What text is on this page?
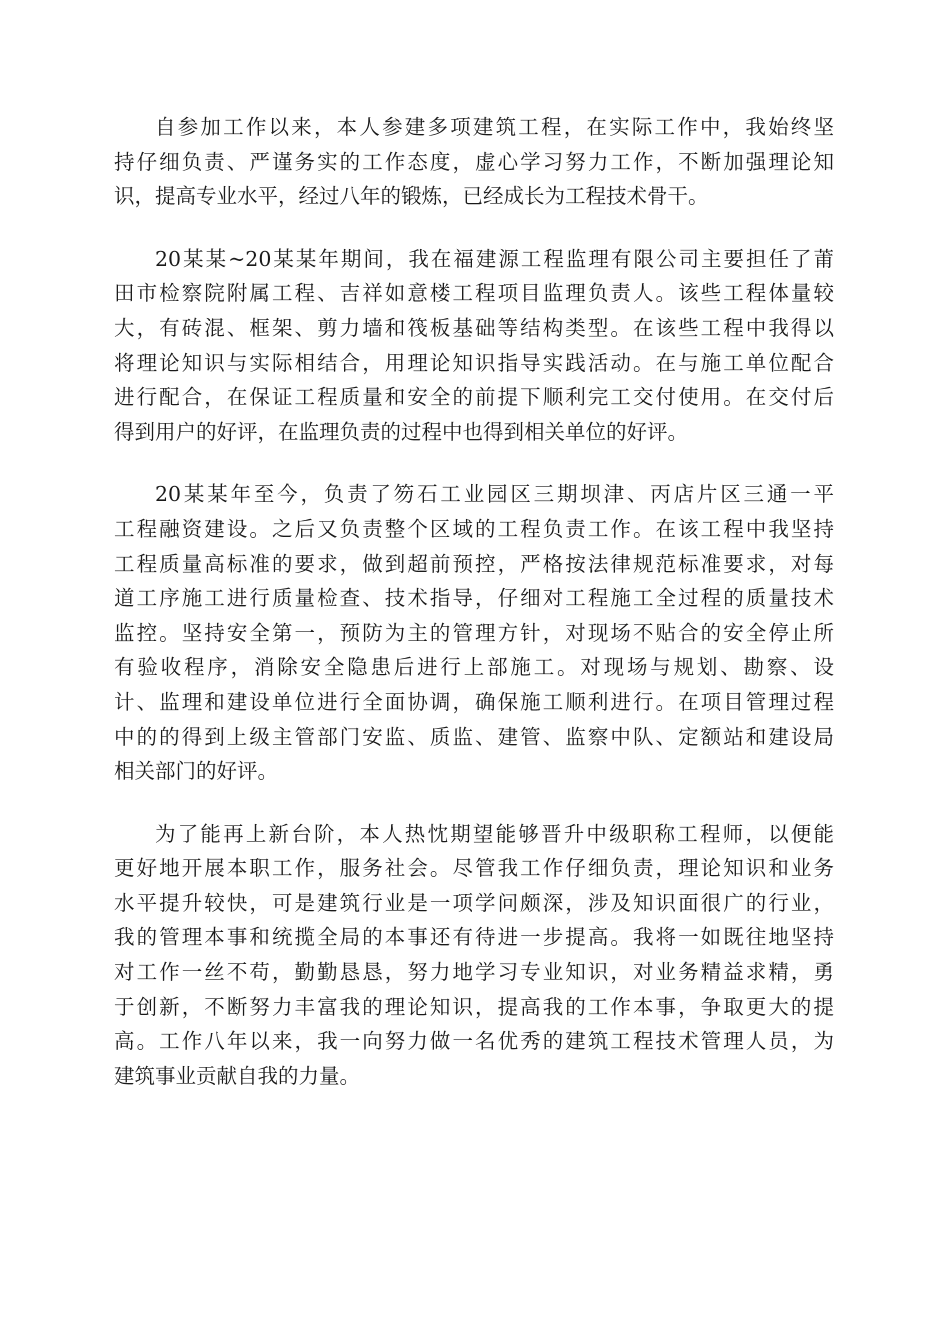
自参加工作以来，本人参建多项建筑工程，在实际工作中，我始终坚
持仔细负责、严谨务实的工作态度，虚心学习努力工作，不断加强理论知
识，提高专业水平，经过八年的锻炼，已经成长为工程技术骨干。

20某某~20某某年期间，我在福建源工程监理有限公司主要担任了莆
田市检察院附属工程、吉祥如意楼工程项目监理负责人。该些工程体量较
大，有砖混、框架、剪力墙和筏板基础等结构类型。在该些工程中我得以
将理论知识与实际相结合，用理论知识指导实践活动。在与施工单位配合
进行配合，在保证工程质量和安全的前提下顺利完工交付使用。在交付后
得到用户的好评，在监理负责的过程中也得到相关单位的好评。

20某某年至今，负责了笏石工业园区三期坝津、丙店片区三通一平
工程融资建设。之后又负责整个区域的工程负责工作。在该工程中我坚持
工程质量高标准的要求，做到超前预控，严格按法律规范标准要求，对每
道工序施工进行质量检查、技术指导，仔细对工程施工全过程的质量技术
监控。坚持安全第一，预防为主的管理方针，对现场不贴合的安全停止所
有验收程序，消除安全隐患后进行上部施工。对现场与规划、勘察、设
计、监理和建设单位进行全面协调，确保施工顺利进行。在项目管理过程
中的的得到上级主管部门安监、质监、建管、监察中队、定额站和建设局
相关部门的好评。

为了能再上新台阶，本人热忱期望能够晋升中级职称工程师，以便能
更好地开展本职工作，服务社会。尽管我工作仔细负责，理论知识和业务
水平提升较快，可是建筑行业是一项学问颇深，涉及知识面很广的行业，
我的管理本事和统揽全局的本事还有待进一步提高。我将一如既往地坚持
对工作一丝不苟，勤勤恳恳，努力地学习专业知识，对业务精益求精，勇
于创新，不断努力丰富我的理论知识，提高我的工作本事，争取更大的提
高。工作八年以来，我一向努力做一名优秀的建筑工程技术管理人员，为
建筑事业贡献自我的力量。
